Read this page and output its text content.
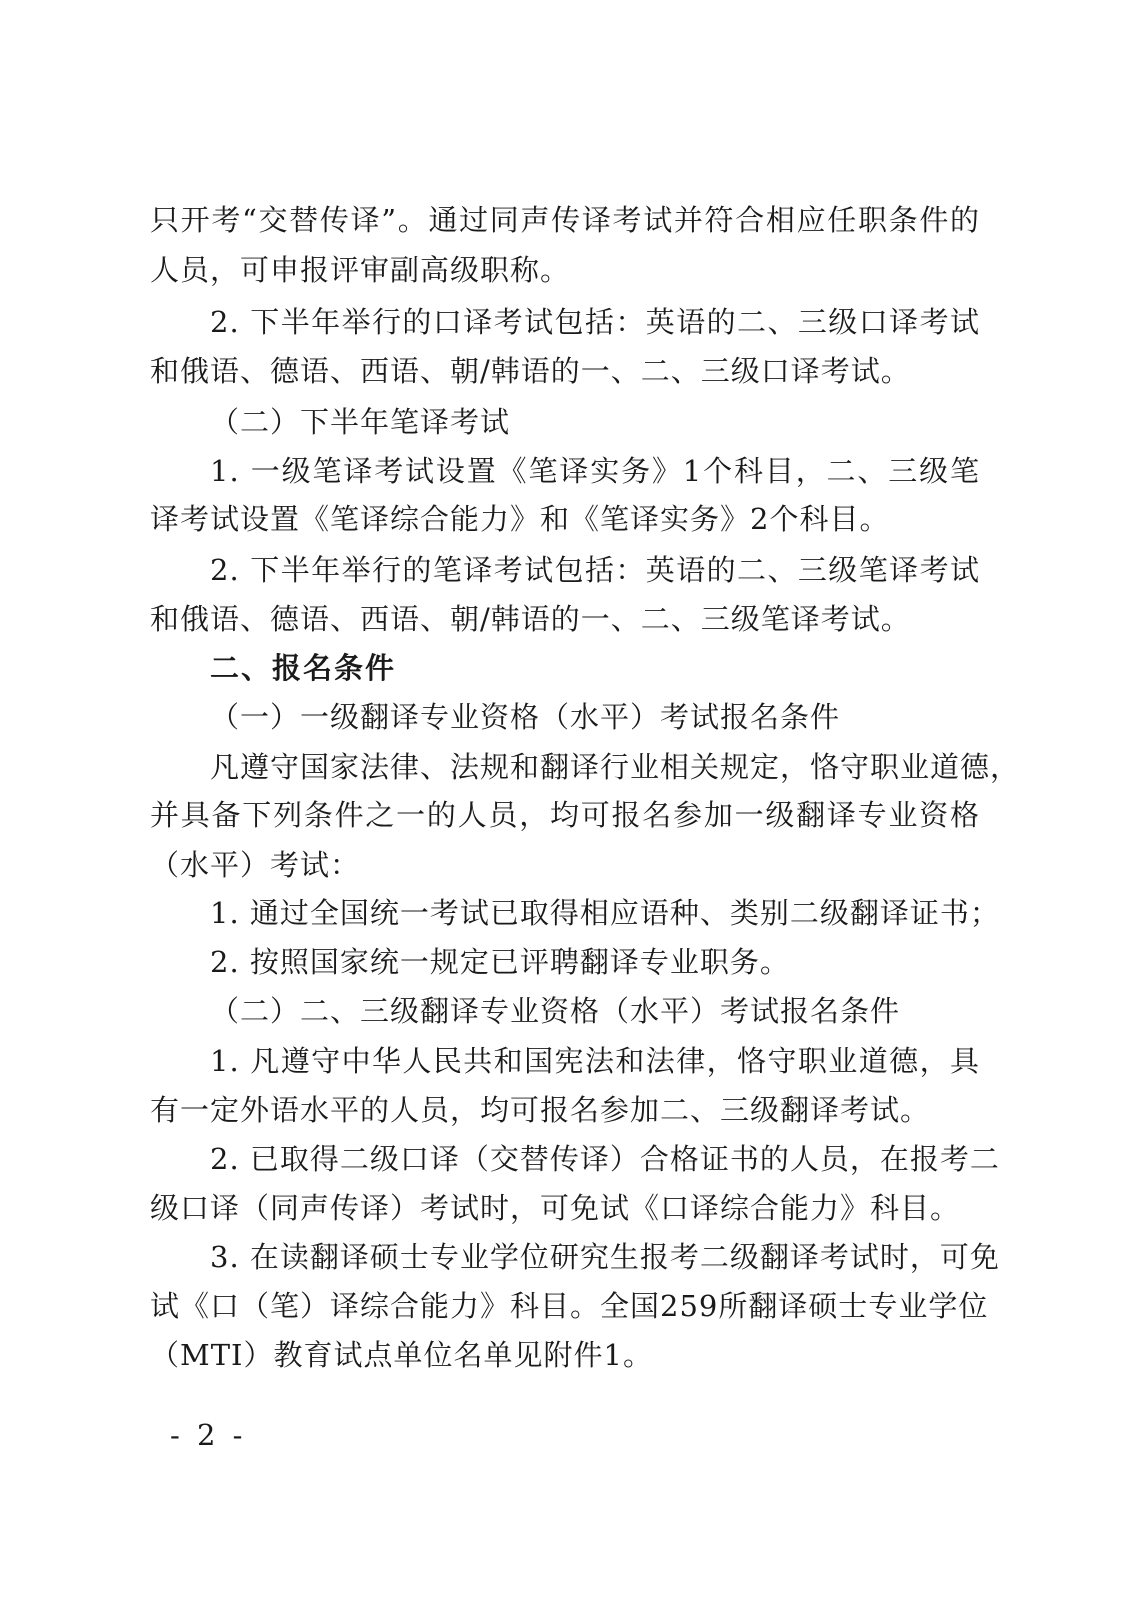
只开考“交替传译”。通过同声传译考试并符合相应任职条件的
人员，可申报评审副高级职称。
2. 下半年举行的口译考试包括：英语的二、三级口译考试
和俄语、德语、西语、朝/韩语的一、二、三级口译考试。
（二）下半年笔译考试
1. 一级笔译考试设置《笔译实务》1个科目，二、三级笔
译考试设置《笔译综合能力》和《笔译实务》2个科目。
2. 下半年举行的笔译考试包括：英语的二、三级笔译考试
和俄语、德语、西语、朝/韩语的一、二、三级笔译考试。
二、报名条件
（一）一级翻译专业资格（水平）考试报名条件
凡遵守国家法律、法规和翻译行业相关规定，恪守职业道德，
并具备下列条件之一的人员，均可报名参加一级翻译专业资格
（水平）考试：
1. 通过全国统一考试已取得相应语种、类别二级翻译证书；
2. 按照国家统一规定已评聘翻译专业职务。
（二）二、三级翻译专业资格（水平）考试报名条件
1. 凡遵守中华人民共和国宪法和法律，恪守职业道德，具
有一定外语水平的人员，均可报名参加二、三级翻译考试。
2. 已取得二级口译（交替传译）合格证书的人员，在报考二
级口译（同声传译）考试时，可免试《口译综合能力》科目。
3. 在读翻译硕士专业学位研究生报考二级翻译考试时，可免
试《口（笔）译综合能力》科目。全国259所翻译硕士专业学位
（MTI）教育试点单位名单见附件1。
- 2 -
